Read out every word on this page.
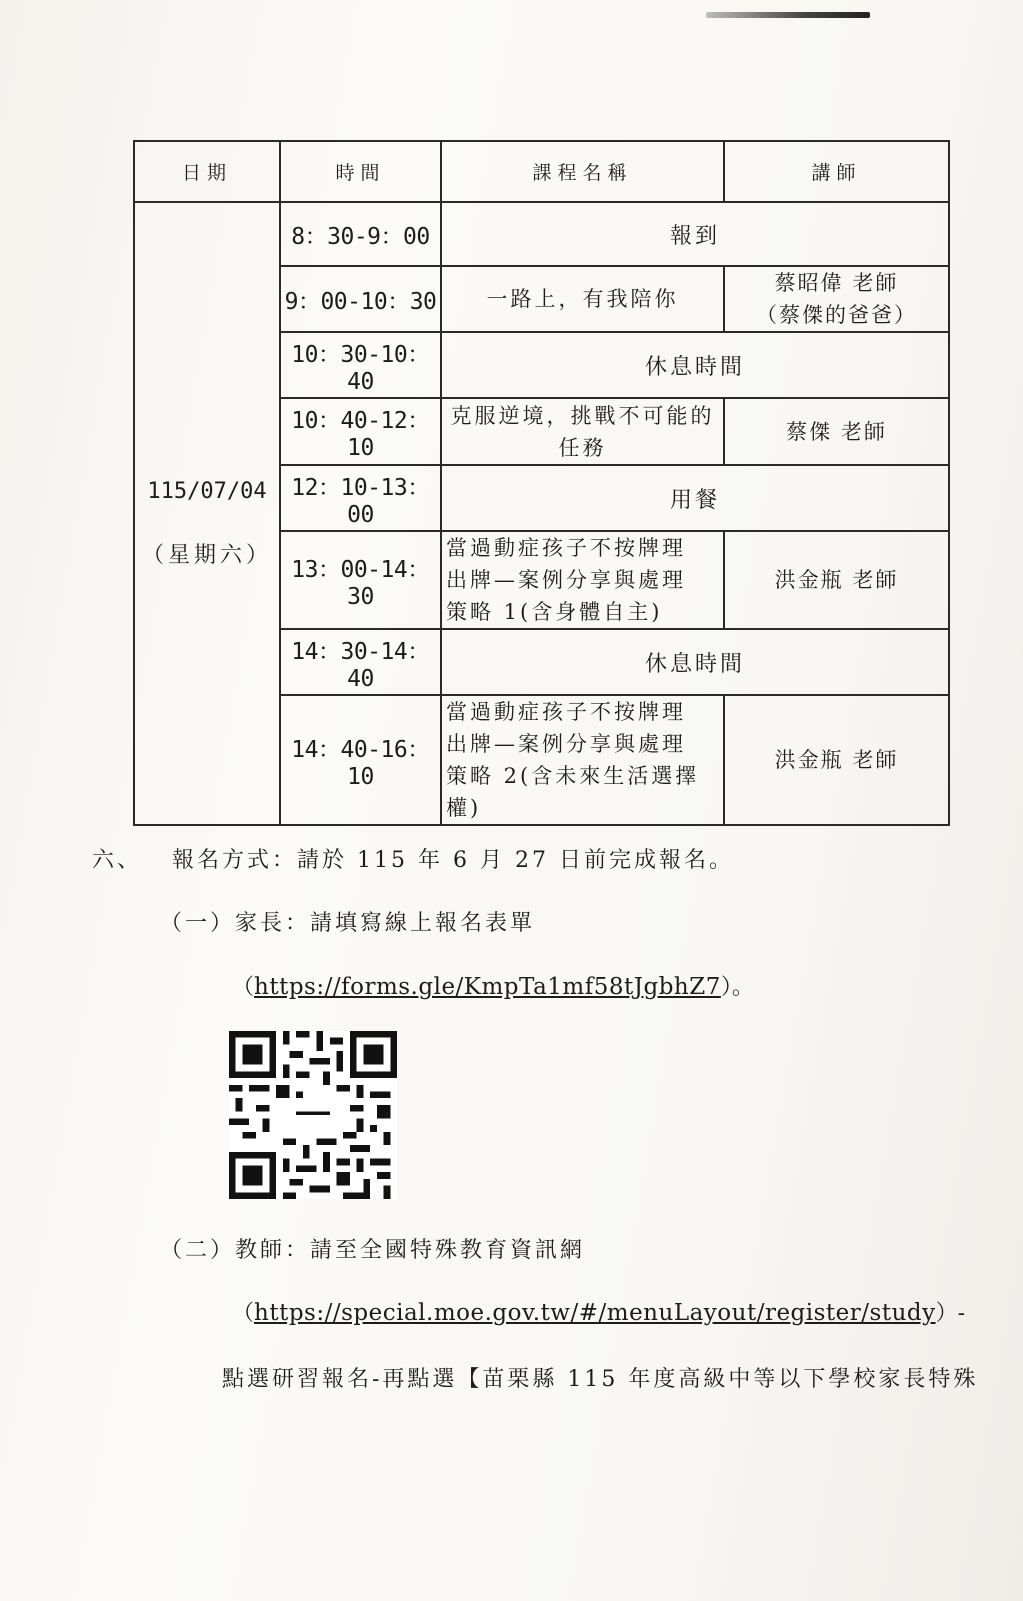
日期	時間	課程名稱	講師

115/07/04
（星期六）	8：30-9：00	報到	
	9：00-10：30	一路上，有我陪你	蔡昭偉 老師
（蔡傑的爸爸）

	10：30-10：40	休息時間	
	10：40-12：10	克服逆境，挑戰不可能的
任務	蔡傑 老師
	12：10-13：00	用餐	
	13：00-14：30	當過動症孩子不按牌理
出牌—案例分享與處理
策略 1(含身體自主)	洪金瓶 老師
	14：30-14：40	休息時間	
	14：40-16：10	當過動症孩子不按牌理
出牌—案例分享與處理
策略 2(含未來生活選擇
權)	洪金瓶 老師
六、 報名方式：請於 115 年 6 月 27 日前完成報名。
（一）家長：請填寫線上報名表單
（https://forms.gle/KmpTa1mf58tJgbhZ7）。
（二）教師：請至全國特殊教育資訊網
（https://special.moe.gov.tw/#/menuLayout/register/study）-
點選研習報名-再點選【苗栗縣 115 年度高級中等以下學校家長特殊
